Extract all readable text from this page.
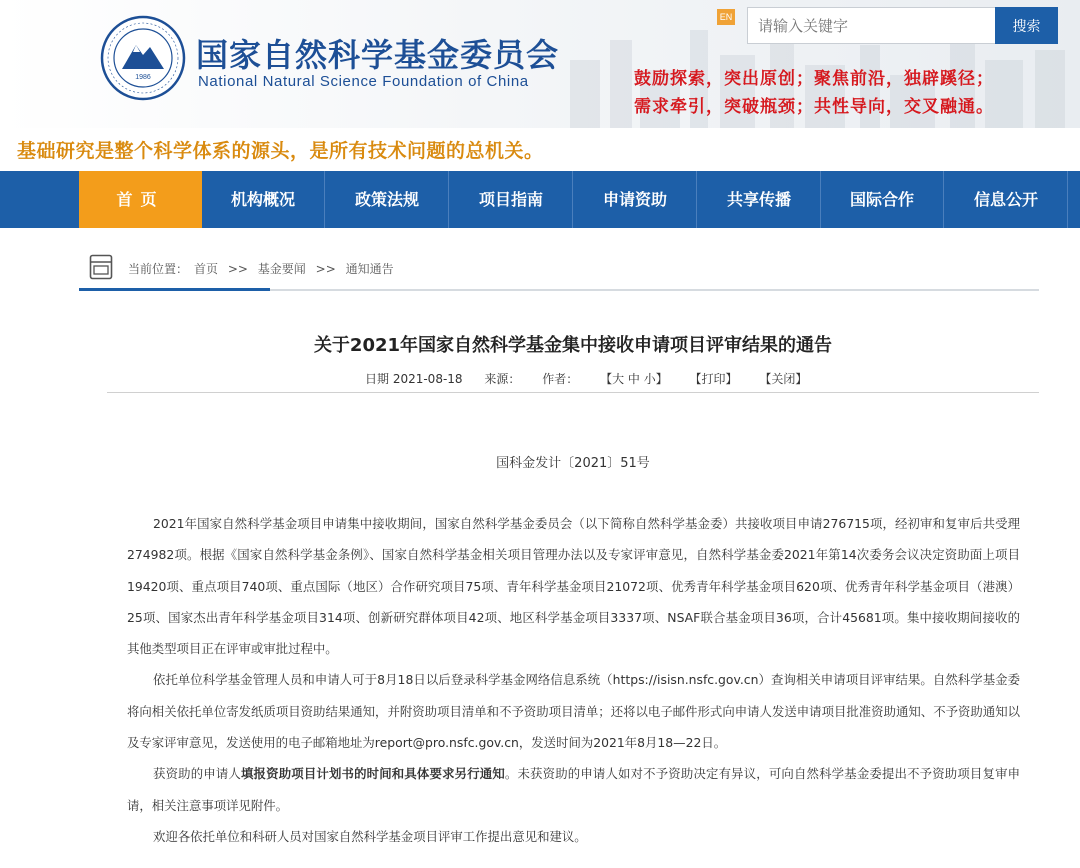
1986
国家自然科学基金委员会
National Natural Science Foundation of China
EN
请输入关键字
搜索
鼓励探索，突出原创；聚焦前沿，独辟蹊径；
需求牵引，突破瓶颈；共性导向，交叉融通。
基础研究是整个科学体系的源头，是所有技术问题的总机关。
首页	机构概况	政策法规	项目指南	申请资助	共享传播	国际合作	信息公开
当前位置： 首页 >> 基金要闻 >> 通知通告
关于2021年国家自然科学基金集中接收申请项目评审结果的通告
日期 2021-08-18 来源： 作者： 【大 中 小】 【打印】 【关闭】
国科金发计〔2021〕51号

2021年国家自然科学基金项目申请集中接收期间，国家自然科学基金委员会（以下简称自然科学基金委）共接收项目申请276715项，经初审和复审后共受理274982项。根据《国家自然科学基金条例》、国家自然科学基金相关项目管理办法以及专家评审意见，自然科学基金委2021年第14次委务会议决定资助面上项目19420项、重点项目740项、重点国际（地区）合作研究项目75项、青年科学基金项目21072项、优秀青年科学基金项目620项、优秀青年科学基金项目（港澳）25项、国家杰出青年科学基金项目314项、创新研究群体项目42项、地区科学基金项目3337项、NSAF联合基金项目36项，合计45681项。集中接收期间接收的其他类型项目正在评审或审批过程中。

依托单位科学基金管理人员和申请人可于8月18日以后登录科学基金网络信息系统（https://isisn.nsfc.gov.cn）查询相关申请项目评审结果。自然科学基金委将向相关依托单位寄发纸质项目资助结果通知，并附资助项目清单和不予资助项目清单；还将以电子邮件形式向申请人发送申请项目批准资助通知、不予资助通知以及专家评审意见，发送使用的电子邮箱地址为report@pro.nsfc.gov.cn，发送时间为2021年8月18—22日。

获资助的申请人填报资助项目计划书的时间和具体要求另行通知。未获资助的申请人如对不予资助决定有异议，可向自然科学基金委提出不予资助项目复审申请，相关注意事项详见附件。

欢迎各依托单位和科研人员对国家自然科学基金项目评审工作提出意见和建议。
